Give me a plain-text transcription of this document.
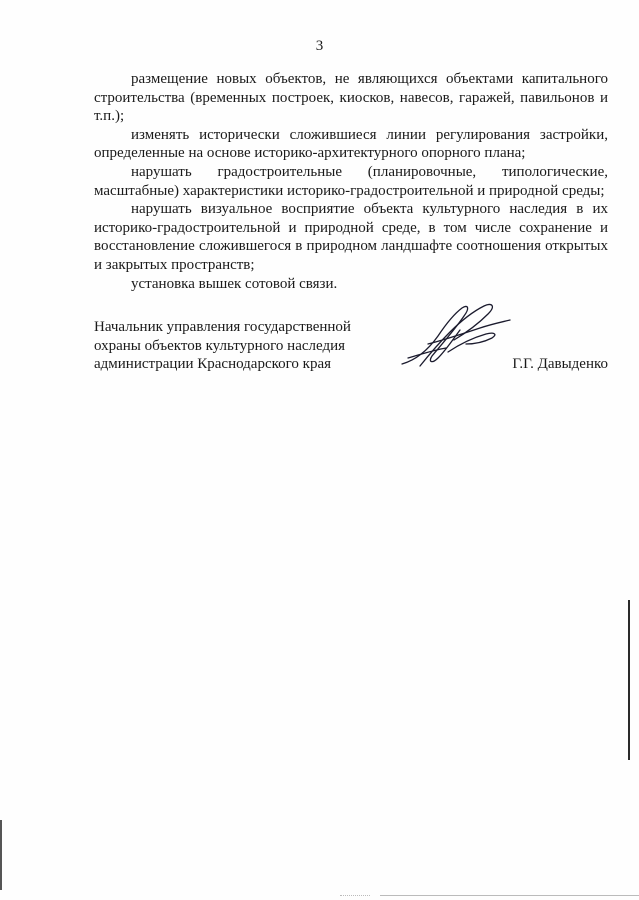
3

размещение новых объектов, не являющихся объектами капитального строительства (временных построек, киосков, навесов, гаражей, павильонов и т.п.);

изменять исторически сложившиеся линии регулирования застройки, определенные на основе историко-архитектурного опорного плана;

нарушать градостроительные (планировочные, типологические, масштабные) характеристики историко-градостроительной и природной среды;

нарушать визуальное восприятие объекта культурного наследия в их историко-градостроительной и природной среде, в том числе сохранение и восстановление сложившегося в природном ландшафте соотношения открытых и закрытых пространств;

установка вышек сотовой связи.

Начальник управления государственной
охраны объектов культурного наследия
администрации Краснодарского края	Г.Г. Давыденко
